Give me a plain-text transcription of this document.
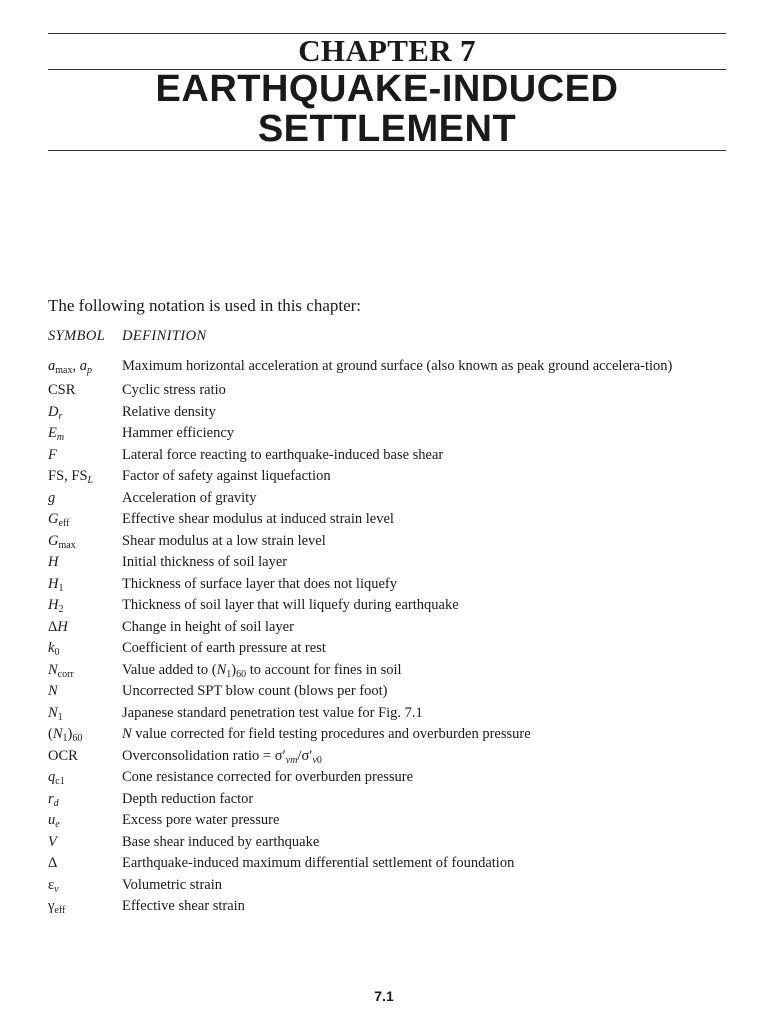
CHAPTER 7
EARTHQUAKE-INDUCED
SETTLEMENT
The following notation is used in this chapter:
SYMBOL DEFINITION
$a_{max}$, $a_p$	Maximum horizontal acceleration at ground surface (also known as peak ground accelera-tion)
CSR	Cyclic stress ratio
$D_r$	Relative density
$E_m$	Hammer efficiency
F	Lateral force reacting to earthquake-induced base shear
FS, $FS_L$	Factor of safety against liquefaction
g	Acceleration of gravity
$G_{eff}$	Effective shear modulus at induced strain level
$G_{max}$	Shear modulus at a low strain level
H	Initial thickness of soil layer
$H_1$	Thickness of surface layer that does not liquefy
$H_2$	Thickness of soil layer that will liquefy during earthquake
ΔH	Change in height of soil layer
$k_0$	Coefficient of earth pressure at rest
$N_{corr}$	Value added to $(N_1)_{60}$ to account for fines in soil
N	Uncorrected SPT blow count (blows per foot)
$N_1$	Japanese standard penetration test value for Fig. 7.1
$(N_1)_{60}$	N value corrected for field testing procedures and overburden pressure
OCR	Overconsolidation ratio = $\sigma'_{vm}/\sigma'_{v0}$
$q_{c1}$	Cone resistance corrected for overburden pressure
$r_d$	Depth reduction factor
$u_e$	Excess pore water pressure
V	Base shear induced by earthquake
Δ	Earthquake-induced maximum differential settlement of foundation
$\varepsilon_v$	Volumetric strain
$\gamma_{eff}$	Effective shear strain
7.1
